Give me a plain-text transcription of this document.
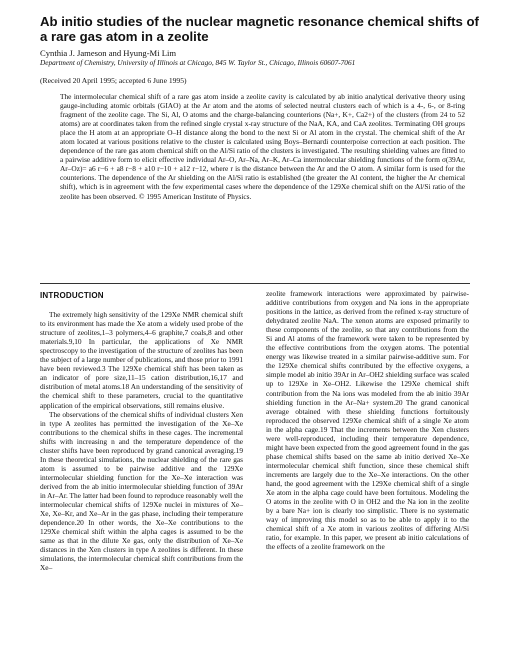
Ab initio studies of the nuclear magnetic resonance chemical shifts of a rare gas atom in a zeolite
Cynthia J. Jameson and Hyung-Mi Lim
Department of Chemistry, University of Illinois at Chicago, 845 W. Taylor St., Chicago, Illinois 60607-7061
(Received 20 April 1995; accepted 6 June 1995)

The intermolecular chemical shift of a rare gas atom inside a zeolite cavity is calculated by ab initio analytical derivative theory using gauge-including atomic orbitals (GIAO) at the Ar atom and the atoms of selected neutral clusters each of which is a 4-, 6-, or 8-ring fragment of the zeolite cage. The Si, Al, O atoms and the charge-balancing counterions (Na+, K+, Ca2+) of the clusters (from 24 to 52 atoms) are at coordinates taken from the refined single crystal x-ray structure of the NaA, KA, and CaA zeolites. Terminating OH groups place the H atom at an appropriate O–H distance along the bond to the next Si or Al atom in the crystal. The chemical shift of the Ar atom located at various positions relative to the cluster is calculated using Boys–Bernardi counterpoise correction at each position. The dependence of the rare gas atom chemical shift on the Al/Si ratio of the clusters is investigated. The resulting shielding values are fitted to a pairwise additive form to elicit effective individual Ar–O, Ar–Na, Ar–K, Ar–Ca intermolecular shielding functions of the form σ(39Ar, Ar–Oz)= a6 r−6 + a8 r−8 + a10 r−10 + a12 r−12, where r is the distance between the Ar and the O atom. A similar form is used for the counterions. The dependence of the Ar shielding on the Al/Si ratio is established (the greater the Al content, the higher the Ar chemical shift), which is in agreement with the few experimental cases where the dependence of the 129Xe chemical shift on the Al/Si ratio of the zeolite has been observed. © 1995 American Institute of Physics.

INTRODUCTION

The extremely high sensitivity of the 129Xe NMR chemical shift to its environment has made the Xe atom a widely used probe of the structure of zeolites,1–3 polymers,4–6 graphite,7 coals,8 and other materials.9,10 In particular, the applications of Xe NMR spectroscopy to the investigation of the structure of zeolites has been the subject of a large number of publications, and those prior to 1991 have been reviewed.3 The 129Xe chemical shift has been taken as an indicator of pore size,11–15 cation distribution,16,17 and distribution of metal atoms.18 An understanding of the sensitivity of the chemical shift to these parameters, crucial to the quantitative application of the empirical observations, still remains elusive.

The observations of the chemical shifts of individual clusters Xen in type A zeolites has permitted the investigation of the Xe–Xe contributions to the chemical shifts in these cages. The incremental shifts with increasing n and the temperature dependence of the cluster shifts have been reproduced by grand canonical averaging.19 In these theoretical simulations, the nuclear shielding of the rare gas atom is assumed to be pairwise additive and the 129Xe intermolecular shielding function for the Xe–Xe interaction was derived from the ab initio intermolecular shielding function of 39Ar in Ar–Ar. The latter had been found to reproduce reasonably well the intermolecular chemical shifts of 129Xe nuclei in mixtures of Xe–Xe, Xe–Kr, and Xe–Ar in the gas phase, including their temperature dependence.20 In other words, the Xe–Xe contributions to the 129Xe chemical shift within the alpha cages is assumed to be the same as that in the dilute Xe gas, only the distribution of Xe–Xe distances in the Xen clusters in type A zeolites is different. In these simulations, the intermolecular chemical shift contributions from the Xe–

zeolite framework interactions were approximated by pairwise-additive contributions from oxygen and Na ions in the appropriate positions in the lattice, as derived from the refined x-ray structure of dehydrated zeolite NaA. The xenon atoms are exposed primarily to these components of the zeolite, so that any contributions from the Si and Al atoms of the framework were taken to be represented by the effective contributions from the oxygen atoms. The potential energy was likewise treated in a similar pairwise-additive sum. For the 129Xe chemical shifts contributed by the effective oxygens, a simple model ab initio 39Ar in Ar–OH2 shielding surface was scaled up to 129Xe in Xe–OH2. Likewise the 129Xe chemical shift contribution from the Na ions was modeled from the ab initio 39Ar shielding function in the Ar–Na+ system.20 The grand canonical average obtained with these shielding functions fortuitously reproduced the observed 129Xe chemical shift of a single Xe atom in the alpha cage.19 That the increments between the Xen clusters were well-reproduced, including their temperature dependence, might have been expected from the good agreement found in the gas phase chemical shifts based on the same ab initio derived Xe–Xe intermolecular chemical shift function, since these chemical shift increments are largely due to the Xe–Xe interactions. On the other hand, the good agreement with the 129Xe chemical shift of a single Xe atom in the alpha cage could have been fortuitous. Modeling the O atoms in the zeolite with O in OH2 and the Na ion in the zeolite by a bare Na+ ion is clearly too simplistic. There is no systematic way of improving this model so as to be able to apply it to the chemical shift of a Xe atom in various zeolites of differing Al/Si ratio, for example. In this paper, we present ab initio calculations of the effects of a zeolite framework on the
